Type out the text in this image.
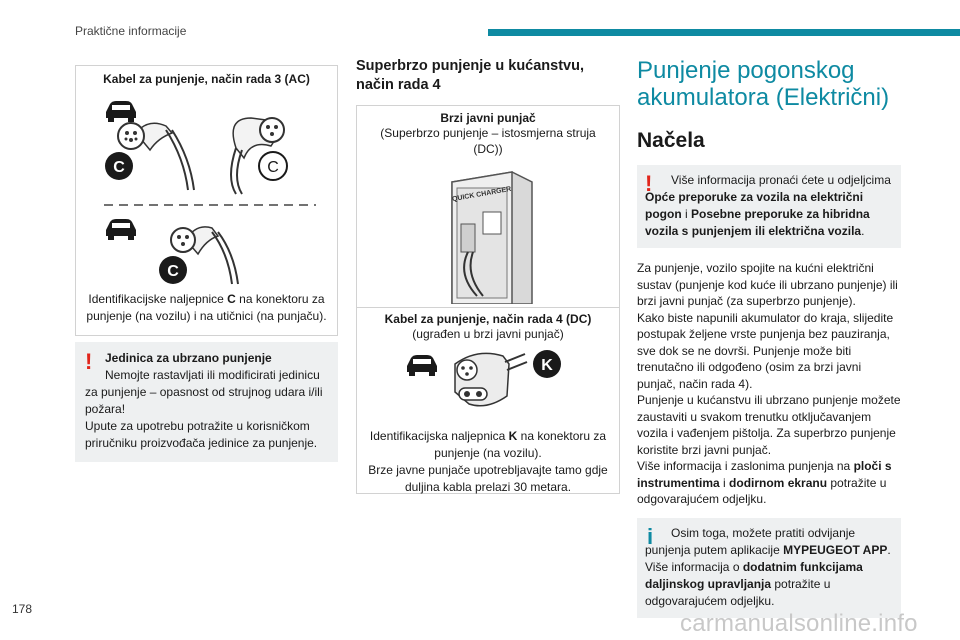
Praktične informacije
Kabel za punjenje, način rada 3 (AC)
C	C
C
Identifikacijske naljepnice C na konektoru za punjenje (na vozilu) i na utičnici (na punjaču).
!	Jedinica za ubrzano punjenje
Nemojte rastavljati ili modificirati jedinicu
za punjenje – opasnost od strujnog udara i/ili požara!
Upute za upotrebu potražite u korisničkom priručniku proizvođača jedinice za punjenje.
Superbrzo punjenje u kućanstvu, način rada 4
Brzi javni punjač
(Superbrzo punjenje – istosmjerna struja (DC))
QUICK CHARGER
Kabel za punjenje, način rada 4 (DC)
(ugrađen u brzi javni punjač)
K
Identifikacijska naljepnica K na konektoru za punjenje (na vozilu).
Brze javne punjače upotrebljavajte tamo gdje duljina kabla prelazi 30 metara.
Punjenje pogonskog akumulatora (Električni)
Načela
!	Više informacija pronaći ćete u odjeljcima Opće preporuke za vozila na električni pogon i Posebne preporuke za hibridna vozila s punjenjem ili električna vozila.

Za punjenje, vozilo spojite na kućni električni sustav (punjenje kod kuće ili ubrzano punjenje) ili brzi javni punjač (za superbrzo punjenje).

Kako biste napunili akumulator do kraja, slijedite postupak željene vrste punjenja bez pauziranja, sve dok se ne dovrši. Punjenje može biti trenutačno ili odgođeno (osim za brzi javni punjač, način rada 4).

Punjenje u kućanstvu ili ubrzano punjenje možete zaustaviti u svakom trenutku otključavanjem vozila i vađenjem pištolja. Za superbrzo punjenje koristite brzi javni punjač.

Više informacija i zaslonima punjenja na ploči s instrumentima i dodirnom ekranu potražite u odgovarajućem odjeljku.

i	Osim toga, možete pratiti odvijanje punjenja putem aplikacije MYPEUGEOT APP.
Više informacija o dodatnim funkcijama daljinskog upravljanja potražite u odgovarajućem odjeljku.
178
carmanualsonline.info
